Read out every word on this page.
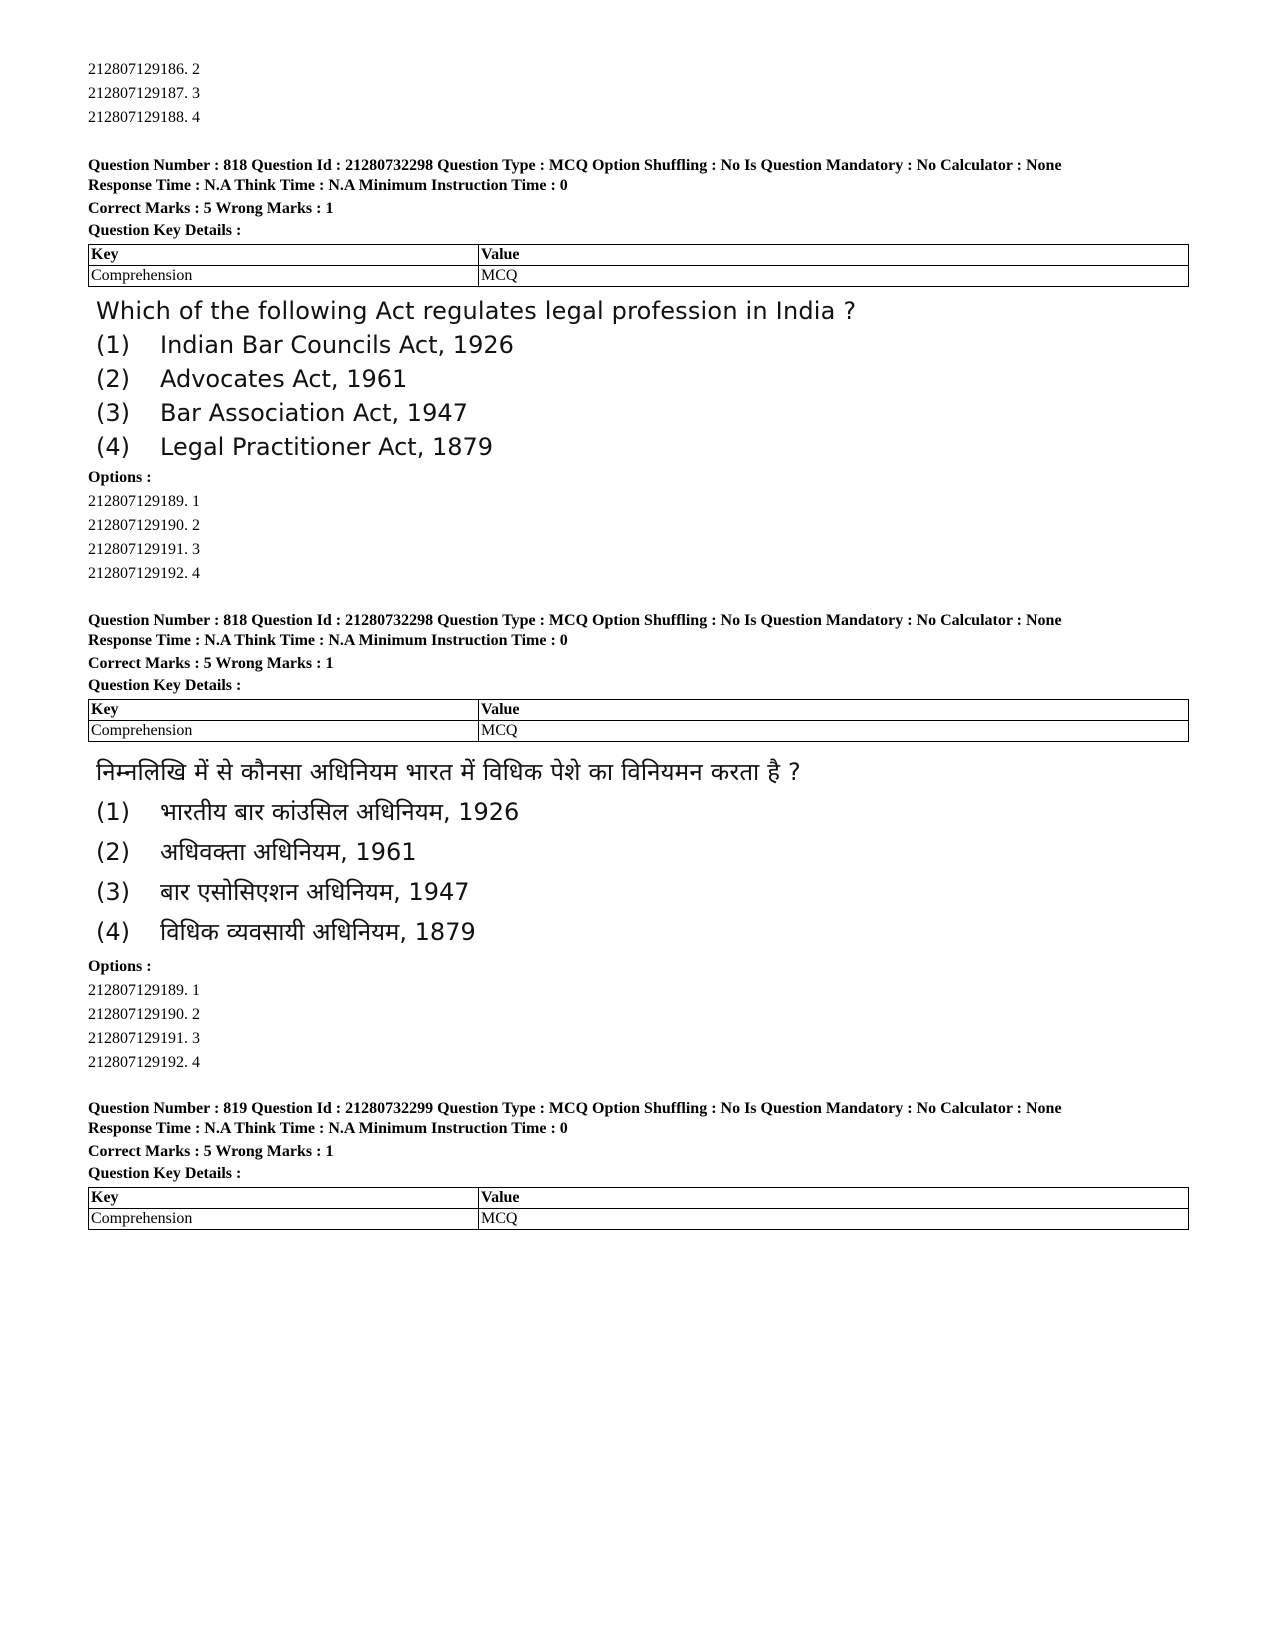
212807129186. 2

212807129187. 3

212807129188. 4

Question Number : 818 Question Id : 21280732298 Question Type : MCQ Option Shuffling : No Is Question Mandatory : No Calculator : None

Response Time : N.A Think Time : N.A Minimum Instruction Time : 0

Correct Marks : 5 Wrong Marks : 1

Question Key Details :

Key	Value
Comprehension	MCQ

Which of the following Act regulates legal profession in India ?

(1)	Indian Bar Councils Act, 1926
(2)	Advocates Act, 1961
(3)	Bar Association Act, 1947
(4)	Legal Practitioner Act, 1879

Options :

212807129189. 1

212807129190. 2

212807129191. 3

212807129192. 4

Question Number : 818 Question Id : 21280732298 Question Type : MCQ Option Shuffling : No Is Question Mandatory : No Calculator : None

Response Time : N.A Think Time : N.A Minimum Instruction Time : 0

Correct Marks : 5 Wrong Marks : 1

Question Key Details :

Key	Value
Comprehension	MCQ

निम्नलिखि में से कौनसा अधिनियम भारत में विधिक पेशे का विनियमन करता है ?

(1)	भारतीय बार कांउसिल अधिनियम, 1926
(2)	अधिवक्ता अधिनियम, 1961
(3)	बार एसोसिएशन अधिनियम, 1947
(4)	विधिक व्यवसायी अधिनियम, 1879

Options :

212807129189. 1

212807129190. 2

212807129191. 3

212807129192. 4

Question Number : 819 Question Id : 21280732299 Question Type : MCQ Option Shuffling : No Is Question Mandatory : No Calculator : None

Response Time : N.A Think Time : N.A Minimum Instruction Time : 0

Correct Marks : 5 Wrong Marks : 1

Question Key Details :

Key	Value
Comprehension	MCQ
